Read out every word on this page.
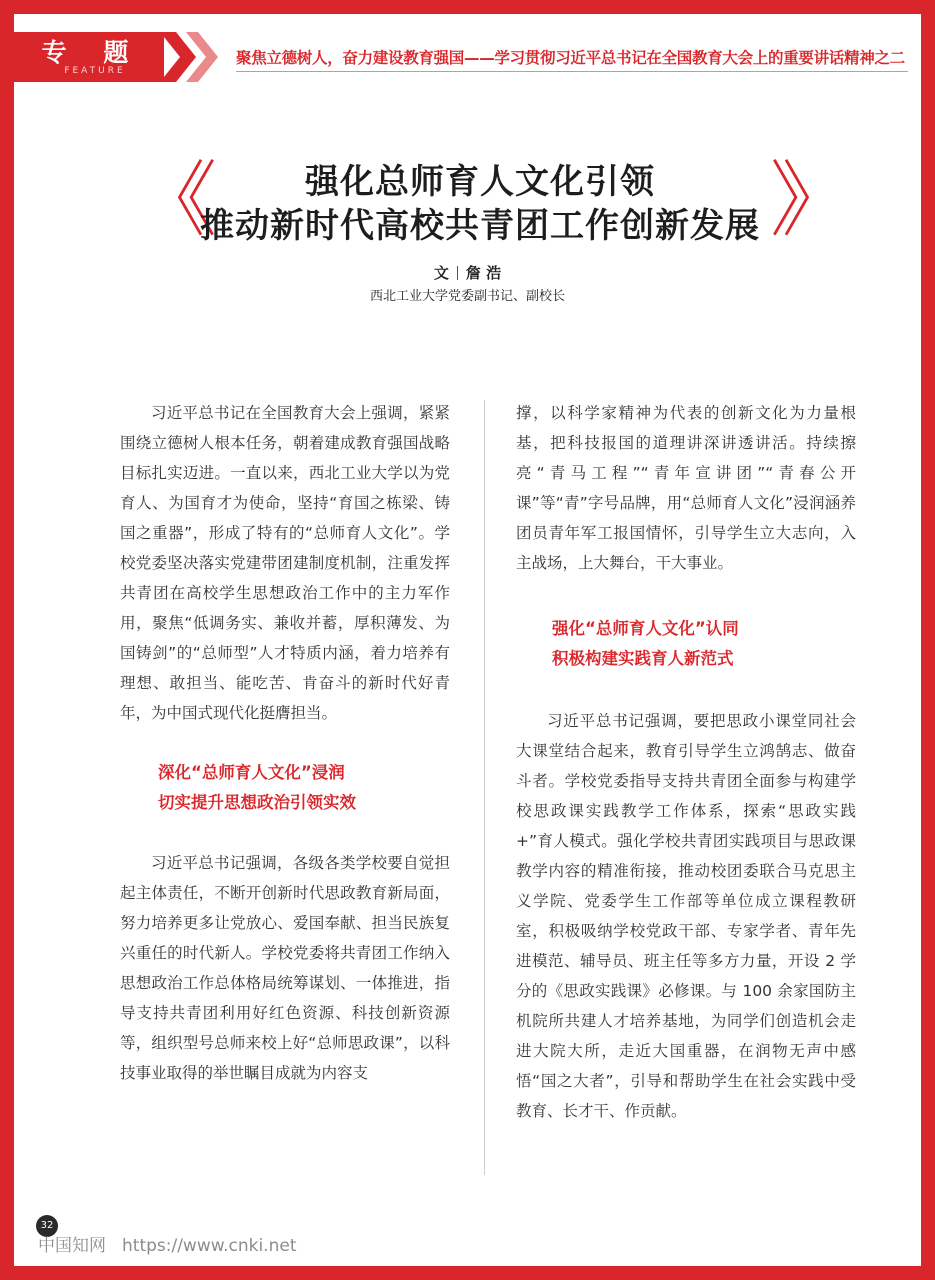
专 题
FEATURE
聚焦立德树人，奋力建设教育强国——学习贯彻习近平总书记在全国教育大会上的重要讲话精神之二
《	》
强化总师育人文化引领
推动新时代高校共青团工作创新发展
文 詹 浩
西北工业大学党委副书记、副校长

习近平总书记在全国教育大会上强调，紧紧围绕立德树人根本任务，朝着建成教育强国战略目标扎实迈进。一直以来，西北工业大学以为党育人、为国育才为使命，坚持“育国之栋梁、铸国之重器”，形成了特有的“总师育人文化”。学校党委坚决落实党建带团建制度机制，注重发挥共青团在高校学生思想政治工作中的主力军作用，聚焦“低调务实、兼收并蓄，厚积薄发、为国铸剑”的“总师型”人才特质内涵，着力培养有理想、敢担当、能吃苦、肯奋斗的新时代好青年，为中国式现代化挺膺担当。

深化“总师育人文化”浸润

切实提升思想政治引领实效

习近平总书记强调，各级各类学校要自觉担起主体责任，不断开创新时代思政教育新局面，努力培养更多让党放心、爱国奉献、担当民族复兴重任的时代新人。学校党委将共青团工作纳入思想政治工作总体格局统筹谋划、一体推进，指导支持共青团利用好红色资源、科技创新资源等，组织型号总师来校上好“总师思政课”，以科技事业取得的举世瞩目成就为内容支

撑，以科学家精神为代表的创新文化为力量根基，把科技报国的道理讲深讲透讲活。持续擦亮“青马工程”“青年宣讲团”“青春公开课”等“青”字号品牌，用“总师育人文化”浸润涵养团员青年军工报国情怀，引导学生立大志向，入主战场，上大舞台，干大事业。

强化“总师育人文化”认同

积极构建实践育人新范式

习近平总书记强调，要把思政小课堂同社会大课堂结合起来，教育引导学生立鸿鹄志、做奋斗者。学校党委指导支持共青团全面参与构建学校思政课实践教学工作体系，探索“思政实践 +”育人模式。强化学校共青团实践项目与思政课教学内容的精准衔接，推动校团委联合马克思主义学院、党委学生工作部等单位成立课程教研室，积极吸纳学校党政干部、专家学者、青年先进模范、辅导员、班主任等多方力量，开设 2 学分的《思政实践课》必修课。与 100 余家国防主机院所共建人才培养基地，为同学们创造机会走进大院大所，走近大国重器，在润物无声中感悟“国之大者”，引导和帮助学生在社会实践中受教育、长才干、作贡献。

32
中国知网 https://www.cnki.net
